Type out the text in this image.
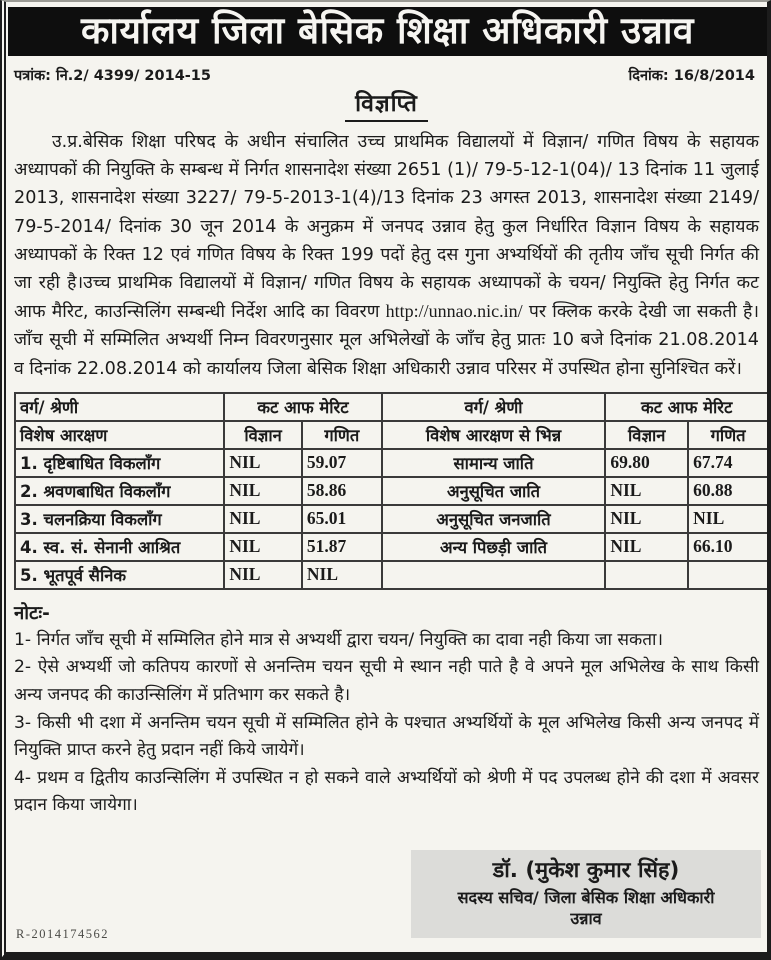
कार्यालय जिला बेसिक शिक्षा अधिकारी उन्नाव
पत्रांक: नि.2/ 4399/ 2014-15	दिनांक: 16/8/2014
विज्ञप्ति

उ.प्र.बेसिक शिक्षा परिषद के अधीन संचालित उच्च प्राथमिक विद्यालयों में विज्ञान/ गणित विषय के सहायक अध्यापकों की नियुक्ति के सम्बन्ध में निर्गत शासनादेश संख्या 2651 (1)/ 79-5-12-1(04)/ 13 दिनांक 11 जुलाई 2013, शासनादेश संख्या 3227/ 79-5-2013-1(4)/13 दिनांक 23 अगस्त 2013, शासनादेश संख्या 2149/ 79-5-2014/ दिनांक 30 जून 2014 के अनुक्रम में जनपद उन्नाव हेतु कुल निर्धारित विज्ञान विषय के सहायक अध्यापकों के रिक्त 12 एवं गणित विषय के रिक्त 199 पदों हेतु दस गुना अभ्यर्थियों की तृतीय जाँच सूची निर्गत की जा रही है।उच्च प्राथमिक विद्यालयों में विज्ञान/ गणित विषय के सहायक अध्यापकों के चयन/ नियुक्ति हेतु निर्गत कट आफ मैरिट, काउन्सिलिंग सम्बन्धी निर्देश आदि का विवरण http://unnao.nic.in/ पर क्लिक करके देखी जा सकती है।जाँच सूची में सम्मिलित अभ्यर्थी निम्न विवरणनुसार मूल अभिलेखों के जाँच हेतु प्रातः 10 बजे दिनांक 21.08.2014 व दिनांक 22.08.2014 को कार्यालय जिला बेसिक शिक्षा अधिकारी उन्नाव परिसर में उपस्थित होना सुनिश्चित करें।

वर्ग/ श्रेणी	कट आफ मेरिट		वर्ग/ श्रेणी	कट आफ मेरिट	
विशेष आरक्षण	विज्ञान	गणित	विशेष आरक्षण से भिन्न	विज्ञान	गणित
1. दृष्टिबाधित विकलाँग	NIL	59.07	सामान्य जाति	69.80	67.74
2. श्रवणबाधित विकलाँग	NIL	58.86	अनुसूचित जाति	NIL	60.88
3. चलनक्रिया विकलाँग	NIL	65.01	अनुसूचित जनजाति	NIL	NIL
4. स्व. सं. सेनानी आश्रित	NIL	51.87	अन्य पिछड़ी जाति	NIL	66.10
5. भूतपूर्व सैनिक	NIL	NIL			
नोटः-
1- निर्गत जाँच सूची में सम्मिलित होने मात्र से अभ्यर्थी द्वारा चयन/ नियुक्ति का दावा नही किया जा सकता।
2- ऐसे अभ्यर्थी जो कतिपय कारणों से अनन्तिम चयन सूची मे स्थान नही पाते है वे अपने मूल अभिलेख के साथ किसी अन्य जनपद की काउन्सिलिंग में प्रतिभाग कर सकते है।
3- किसी भी दशा में अनन्तिम चयन सूची में सम्मिलित होने के पश्चात अभ्यर्थियों के मूल अभिलेख किसी अन्य जनपद में नियुक्ति प्राप्त करने हेतु प्रदान नहीं किये जायेगें।
4- प्रथम व द्वितीय काउन्सिलिंग में उपस्थित न हो सकने वाले अभ्यर्थियों को श्रेणी में पद उपलब्ध होने की दशा में अवसर प्रदान किया जायेगा।
डॉ. (मुकेश कुमार सिंह)
सदस्य सचिव/ जिला बेसिक शिक्षा अधिकारी
उन्नाव
R-2014174562
